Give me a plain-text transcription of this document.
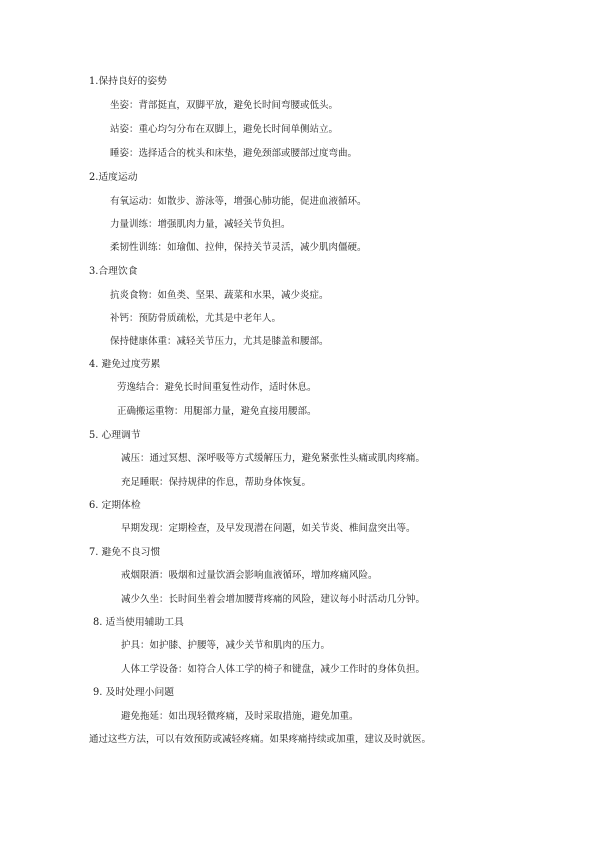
1.保持良好的姿势
坐姿：背部挺直，双脚平放，避免长时间弯腰或低头。
站姿：重心均匀分布在双脚上，避免长时间单侧站立。
睡姿：选择适合的枕头和床垫，避免颈部或腰部过度弯曲。
2.适度运动
有氧运动：如散步、游泳等，增强心肺功能，促进血液循环。
力量训练：增强肌肉力量，减轻关节负担。
柔韧性训练：如瑜伽、拉伸，保持关节灵活，减少肌肉僵硬。
3.合理饮食
抗炎食物：如鱼类、坚果、蔬菜和水果，减少炎症。
补钙：预防骨质疏松，尤其是中老年人。
保持健康体重：减轻关节压力，尤其是膝盖和腰部。
4. 避免过度劳累
劳逸结合：避免长时间重复性动作，适时休息。
正确搬运重物：用腿部力量，避免直接用腰部。
5. 心理调节
减压：通过冥想、深呼吸等方式缓解压力，避免紧张性头痛或肌肉疼痛。
充足睡眠：保持规律的作息，帮助身体恢复。
6. 定期体检
早期发现：定期检查，及早发现潜在问题，如关节炎、椎间盘突出等。
7. 避免不良习惯
戒烟限酒：吸烟和过量饮酒会影响血液循环，增加疼痛风险。
减少久坐：长时间坐着会增加腰背疼痛的风险，建议每小时活动几分钟。
8. 适当使用辅助工具
护具：如护膝、护腰等，减少关节和肌肉的压力。
人体工学设备：如符合人体工学的椅子和键盘，减少工作时的身体负担。
9. 及时处理小问题
避免拖延：如出现轻微疼痛，及时采取措施，避免加重。
通过这些方法，可以有效预防或减轻疼痛。如果疼痛持续或加重，建议及时就医。
